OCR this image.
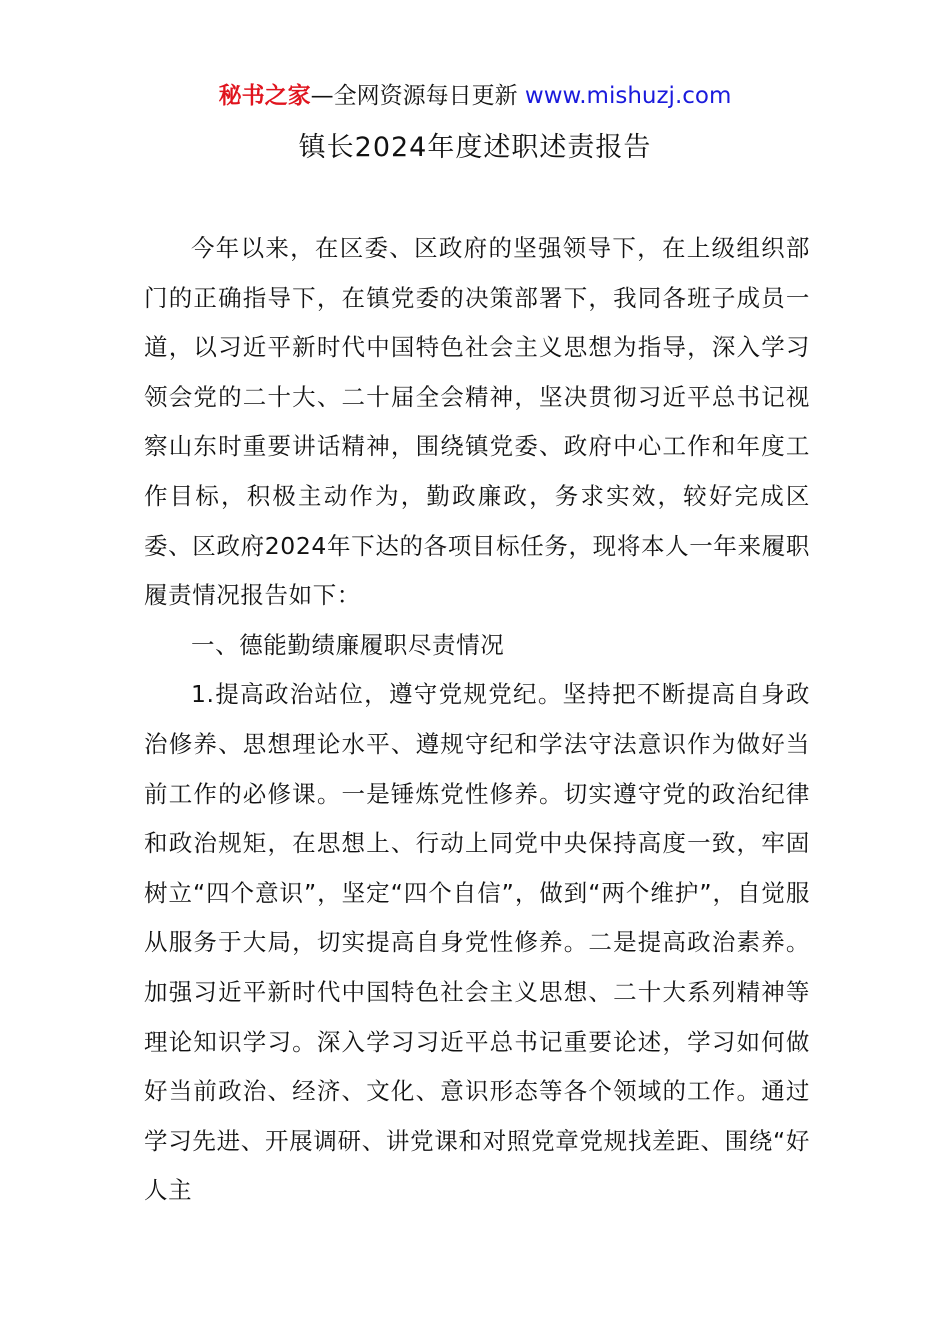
秘书之家—全网资源每日更新 www.mishuzj.com
镇长2024年度述职述责报告

今年以来，在区委、区政府的坚强领导下，在上级组织部门的正确指导下，在镇党委的决策部署下，我同各班子成员一道，以习近平新时代中国特色社会主义思想为指导，深入学习领会党的二十大、二十届全会精神，坚决贯彻习近平总书记视察山东时重要讲话精神，围绕镇党委、政府中心工作和年度工作目标，积极主动作为，勤政廉政，务求实效，较好完成区委、区政府2024年下达的各项目标任务，现将本人一年来履职履责情况报告如下：

一、德能勤绩廉履职尽责情况

1.提高政治站位，遵守党规党纪。坚持把不断提高自身政治修养、思想理论水平、遵规守纪和学法守法意识作为做好当前工作的必修课。一是锤炼党性修养。切实遵守党的政治纪律和政治规矩，在思想上、行动上同党中央保持高度一致，牢固树立“四个意识”，坚定“四个自信”，做到“两个维护”，自觉服从服务于大局，切实提高自身党性修养。二是提高政治素养。加强习近平新时代中国特色社会主义思想、二十大系列精神等理论知识学习。深入学习习近平总书记重要论述，学习如何做好当前政治、经济、文化、意识形态等各个领域的工作。通过学习先进、开展调研、讲党课和对照党章党规找差距、围绕“好人主
